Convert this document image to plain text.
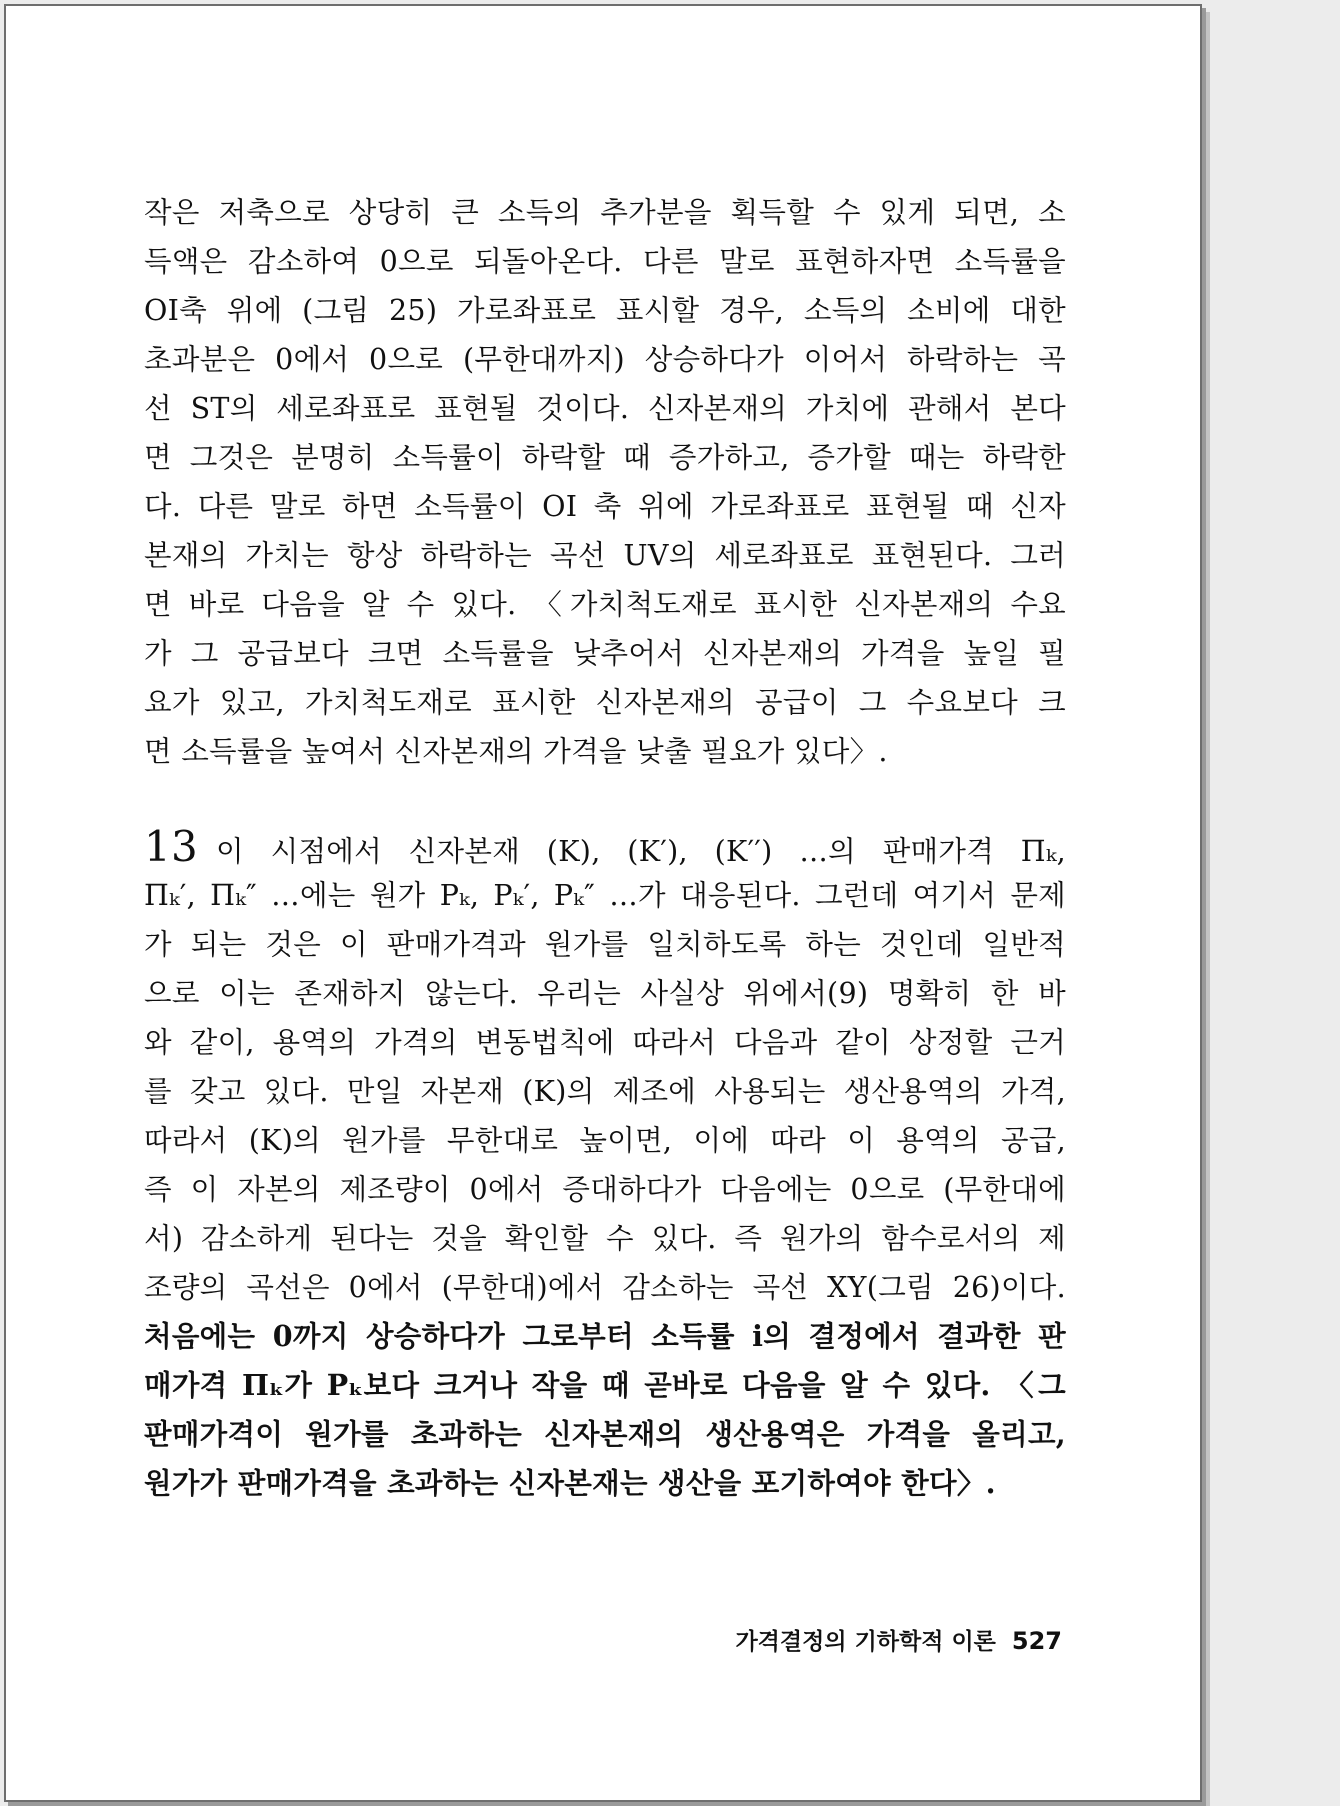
작은 저축으로 상당히 큰 소득의 추가분을 획득할 수 있게 되면, 소
득액은 감소하여 0으로 되돌아온다. 다른 말로 표현하자면 소득률을
OI축 위에 (그림 25) 가로좌표로 표시할 경우, 소득의 소비에 대한
초과분은 0에서 0으로 (무한대까지) 상승하다가 이어서 하락하는 곡
선 ST의 세로좌표로 표현될 것이다. 신자본재의 가치에 관해서 본다
면 그것은 분명히 소득률이 하락할 때 증가하고, 증가할 때는 하락한
다. 다른 말로 하면 소득률이 OI 축 위에 가로좌표로 표현될 때 신자
본재의 가치는 항상 하락하는 곡선 UV의 세로좌표로 표현된다. 그러
면 바로 다음을 알 수 있다. 〈가치척도재로 표시한 신자본재의 수요
가 그 공급보다 크면 소득률을 낮추어서 신자본재의 가격을 높일 필
요가 있고, 가치척도재로 표시한 신자본재의 공급이 그 수요보다 크
면 소득률을 높여서 신자본재의 가격을 낮출 필요가 있다〉.
13 이 시점에서 신자본재 (K), (K′), (K′′) …의 판매가격 Πₖ,
Πₖ′, Πₖ″ …에는 원가 Pₖ, Pₖ′, Pₖ″ …가 대응된다. 그런데 여기서 문제
가 되는 것은 이 판매가격과 원가를 일치하도록 하는 것인데 일반적
으로 이는 존재하지 않는다. 우리는 사실상 위에서(9) 명확히 한 바
와 같이, 용역의 가격의 변동법칙에 따라서 다음과 같이 상정할 근거
를 갖고 있다. 만일 자본재 (K)의 제조에 사용되는 생산용역의 가격,
따라서 (K)의 원가를 무한대로 높이면, 이에 따라 이 용역의 공급,
즉 이 자본의 제조량이 0에서 증대하다가 다음에는 0으로 (무한대에
서) 감소하게 된다는 것을 확인할 수 있다. 즉 원가의 함수로서의 제
조량의 곡선은 0에서 (무한대)에서 감소하는 곡선 XY(그림 26)이다.
처음에는 0까지 상승하다가 그로부터 소득률 i의 결정에서 결과한 판
매가격 Πₖ가 Pₖ보다 크거나 작을 때 곧바로 다음을 알 수 있다. 〈그
판매가격이 원가를 초과하는 신자본재의 생산용역은 가격을 올리고,
원가가 판매가격을 초과하는 신자본재는 생산을 포기하여야 한다〉.
가격결정의 기하학적 이론 527
